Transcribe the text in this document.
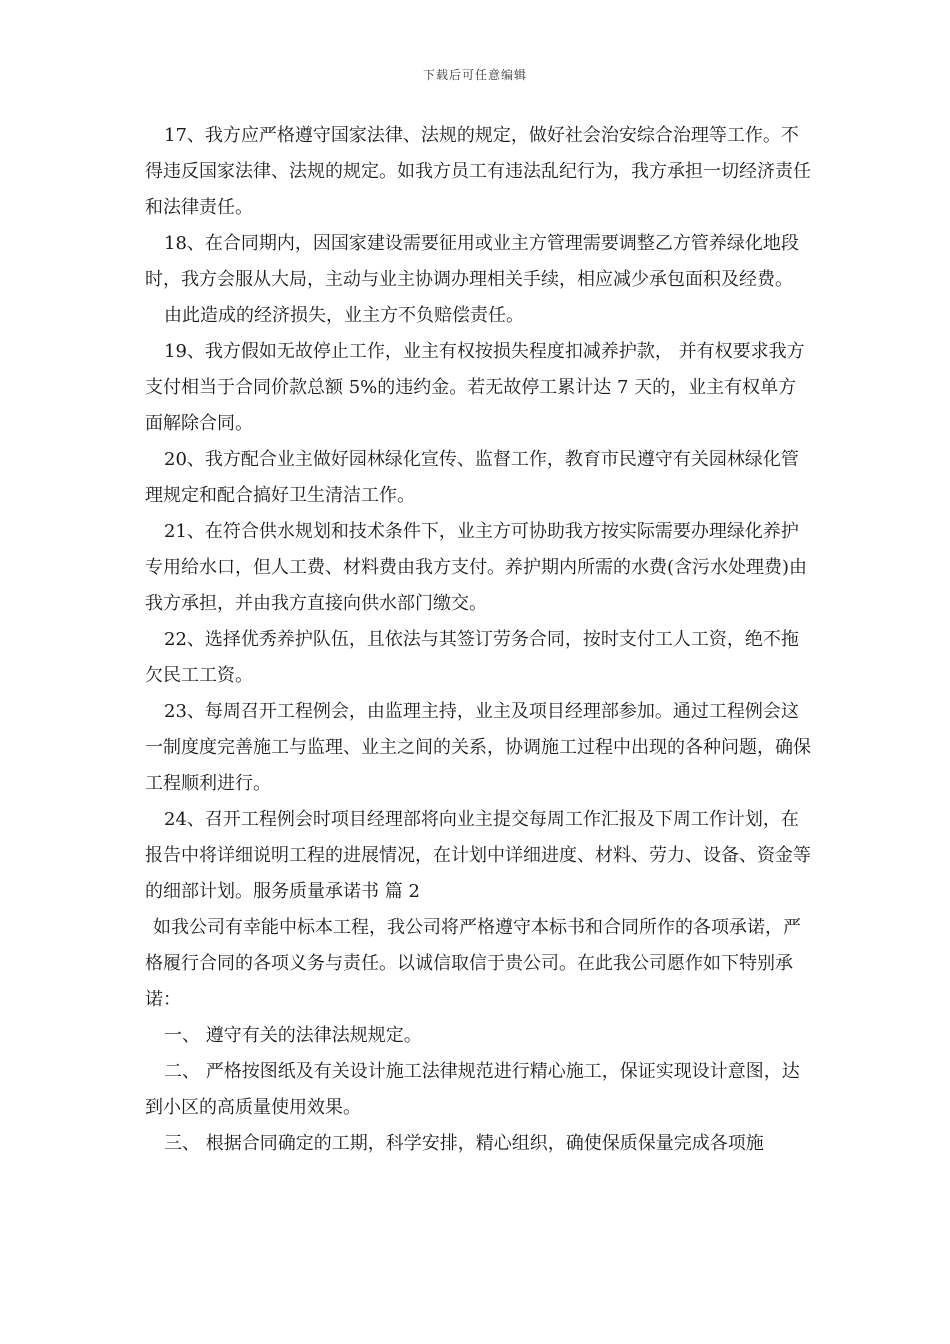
下载后可任意编辑

17、我方应严格遵守国家法律、法规的规定，做好社会治安综合治理等工作。不得违反国家法律、法规的规定。如我方员工有违法乱纪行为，我方承担一切经济责任和法律责任。

18、在合同期内，因国家建设需要征用或业主方管理需要调整乙方管养绿化地段时，我方会服从大局，主动与业主协调办理相关手续，相应减少承包面积及经费。

由此造成的经济损失，业主方不负赔偿责任。

19、我方假如无故停止工作，业主有权按损失程度扣减养护款， 并有权要求我方支付相当于合同价款总额 5%的违约金。若无故停工累计达 7 天的，业主有权单方面解除合同。

20、我方配合业主做好园林绿化宣传、监督工作，教育市民遵守有关园林绿化管理规定和配合搞好卫生清洁工作。

21、在符合供水规划和技术条件下，业主方可协助我方按实际需要办理绿化养护专用给水口，但人工费、材料费由我方支付。养护期内所需的水费(含污水处理费)由我方承担，并由我方直接向供水部门缴交。

22、选择优秀养护队伍，且依法与其签订劳务合同，按时支付工人工资，绝不拖欠民工工资。

23、每周召开工程例会，由监理主持，业主及项目经理部参加。通过工程例会这一制度度完善施工与监理、业主之间的关系，协调施工过程中出现的各种问题，确保工程顺利进行。

24、召开工程例会时项目经理部将向业主提交每周工作汇报及下周工作计划，在报告中将详细说明工程的进展情况，在计划中详细进度、材料、劳力、设备、资金等的细部计划。服务质量承诺书 篇 2

如我公司有幸能中标本工程，我公司将严格遵守本标书和合同所作的各项承诺，严格履行合同的各项义务与责任。以诚信取信于贵公司。在此我公司愿作如下特别承诺：

一、 遵守有关的法律法规规定。

二、 严格按图纸及有关设计施工法律规范进行精心施工，保证实现设计意图，达到小区的高质量使用效果。

三、 根据合同确定的工期，科学安排，精心组织，确使保质保量完成各项施
